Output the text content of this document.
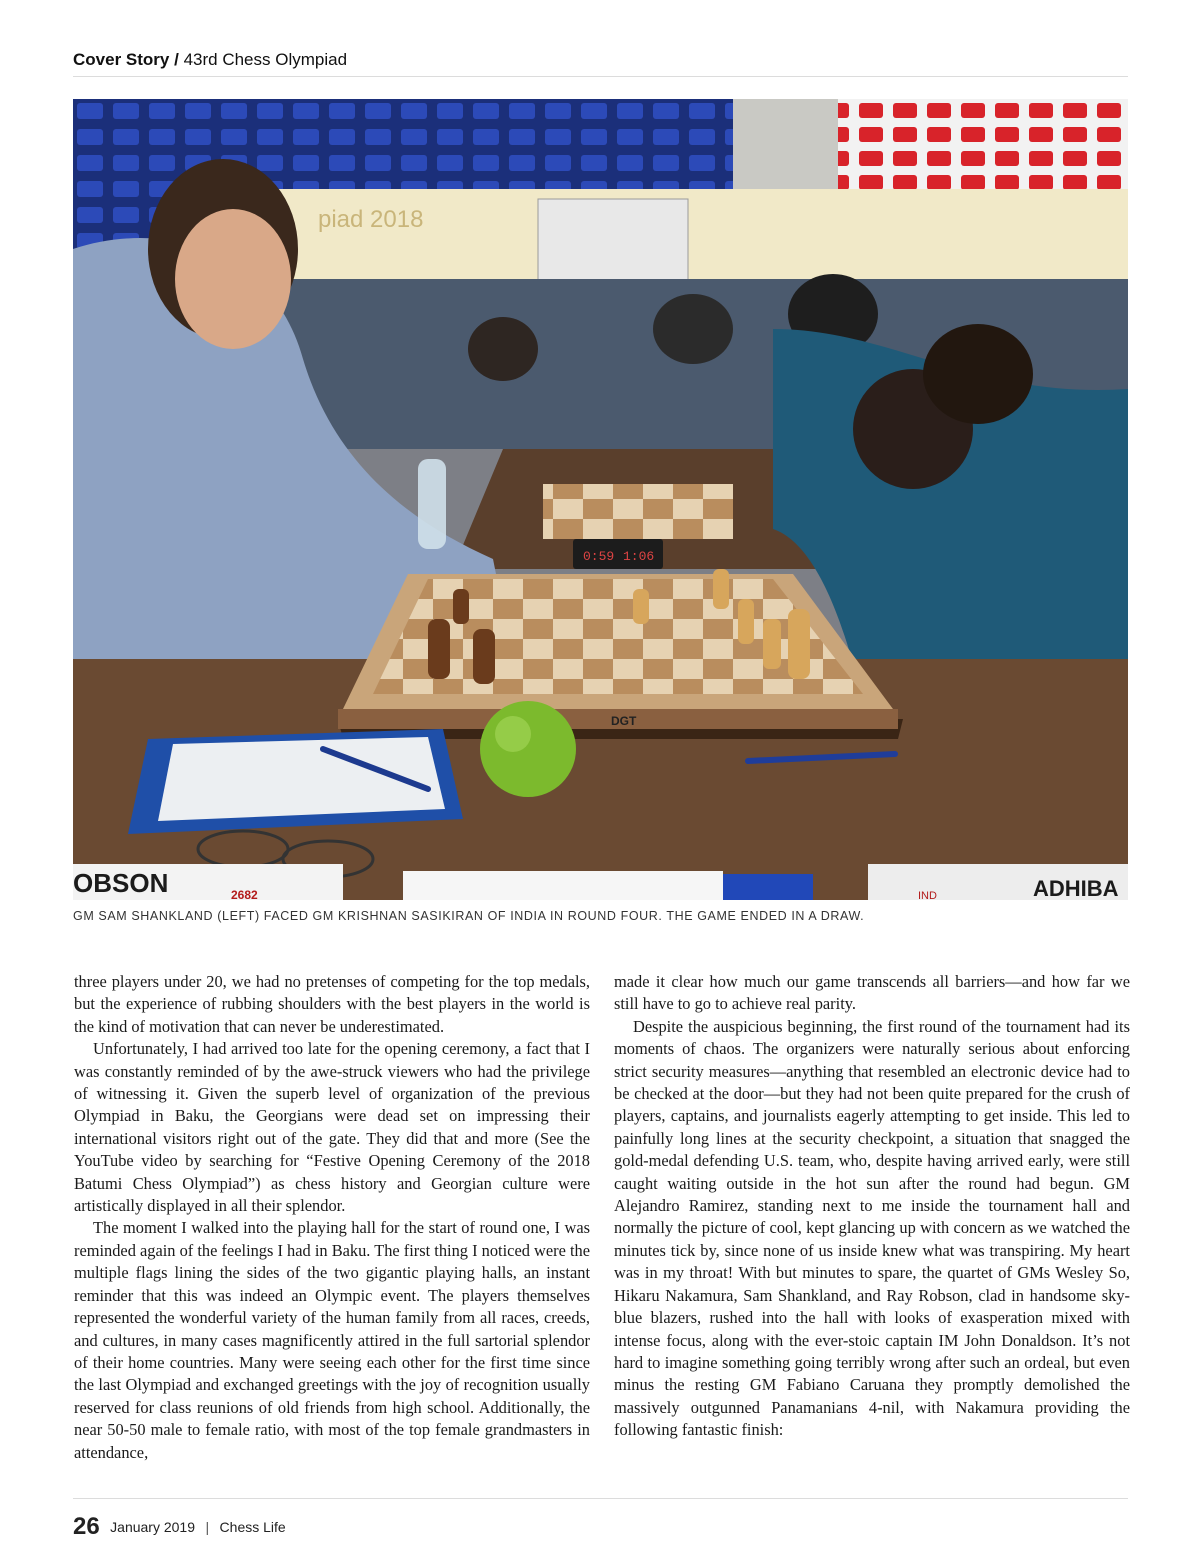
Cover Story / 43rd Chess Olympiad
piad 2018
DGT
0:59 1:06
OBSON	2682	IND	ADHIBA
GM SAM SHANKLAND (LEFT) FACED GM KRISHNAN SASIKIRAN OF INDIA IN ROUND FOUR. THE GAME ENDED IN A DRAW.

three players under 20, we had no pretenses of competing for the top medals, but the experience of rubbing shoulders with the best players in the world is the kind of motivation that can never be underestimated.

Unfortunately, I had arrived too late for the opening ceremony, a fact that I was constantly reminded of by the awe-struck viewers who had the privilege of witnessing it. Given the superb level of organization of the previous Olympiad in Baku, the Georgians were dead set on impressing their international visitors right out of the gate. They did that and more (See the YouTube video by searching for “Festive Opening Ceremony of the 2018 Batumi Chess Olympiad”) as chess history and Georgian culture were artistically displayed in all their splendor.

The moment I walked into the playing hall for the start of round one, I was reminded again of the feelings I had in Baku. The first thing I noticed were the multiple flags lining the sides of the two gigantic playing halls, an instant reminder that this was indeed an Olympic event. The players themselves represented the wonderful variety of the human family from all races, creeds, and cultures, in many cases magnificently attired in the full sartorial splendor of their home countries. Many were seeing each other for the first time since the last Olympiad and exchanged greetings with the joy of recognition usually reserved for class reunions of old friends from high school. Additionally, the near 50-50 male to female ratio, with most of the top female grandmasters in attendance,

made it clear how much our game transcends all barriers—and how far we still have to go to achieve real parity.

Despite the auspicious beginning, the first round of the tournament had its moments of chaos. The organizers were naturally serious about enforcing strict security measures—anything that resembled an electronic device had to be checked at the door—but they had not been quite prepared for the crush of players, captains, and journalists eagerly attempting to get inside. This led to painfully long lines at the security checkpoint, a situation that snagged the gold-medal defending U.S. team, who, despite having arrived early, were still caught waiting outside in the hot sun after the round had begun. GM Alejandro Ramirez, standing next to me inside the tournament hall and normally the picture of cool, kept glancing up with concern as we watched the minutes tick by, since none of us inside knew what was transpiring. My heart was in my throat! With but minutes to spare, the quartet of GMs Wesley So, Hikaru Nakamura, Sam Shankland, and Ray Robson, clad in handsome sky-blue blazers, rushed into the hall with looks of exasperation mixed with intense focus, along with the ever-stoic captain IM John Donaldson. It’s not hard to imagine something going terribly wrong after such an ordeal, but even minus the resting GM Fabiano Caruana they promptly demolished the massively outgunned Panamanians 4-nil, with Nakamura providing the following fantastic finish:

26 January 2019 | Chess Life
